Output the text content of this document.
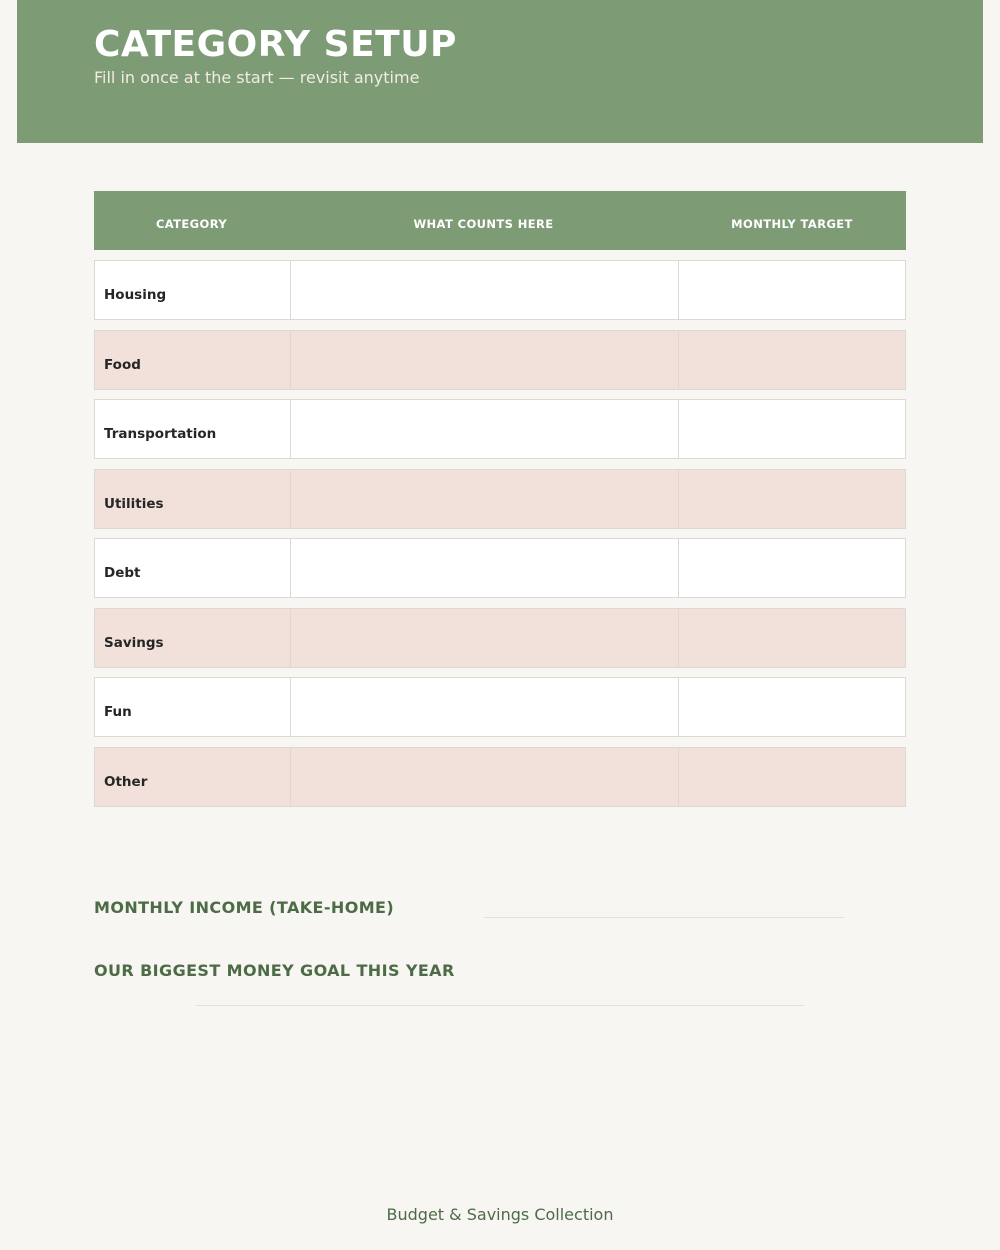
CATEGORY SETUP
Fill in once at the start — revisit anytime
CATEGORY	WHAT COUNTS HERE	MONTHLY TARGET
Housing
Food
Transportation
Utilities
Debt
Savings
Fun
Other
MONTHLY INCOME (TAKE-HOME)
OUR BIGGEST MONEY GOAL THIS YEAR
Budget & Savings Collection
